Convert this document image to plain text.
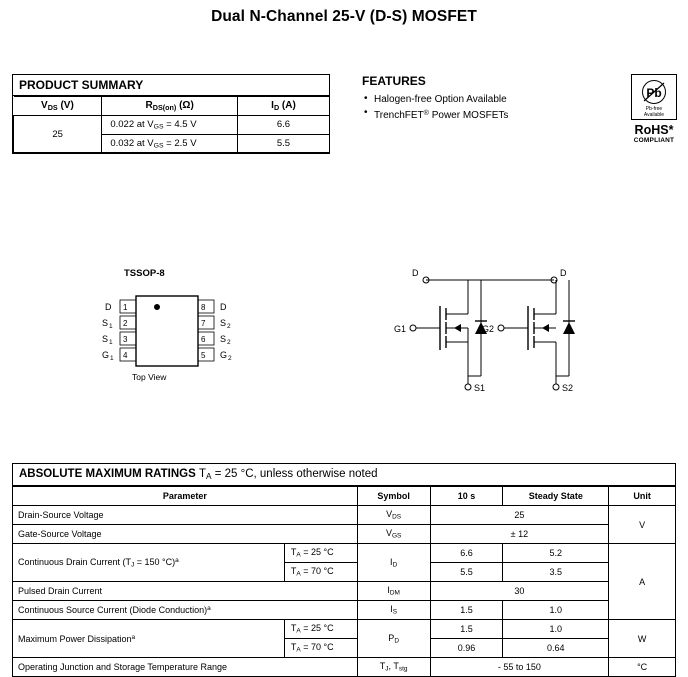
Dual N-Channel 25-V (D-S) MOSFET
PRODUCT SUMMARY
$V_{DS}$ (V)	$R_{DS(on)}$ (Ω)	$I_D$ (A)
25	0.022 at $V_{GS} = 4.5$ V	6.6
	0.032 at $V_{GS} = 2.5$ V	5.5
FEATURES
• Halogen-free Option Available
• TrenchFET® Power MOSFETs
Pb
Pb-free
Available
RoHS*
COMPLIANT
TSSOP-8
Top View
1
2
3
4
8
7
6
5
D
S 1
S 1
G 1
D
S 2
S 2
G 2
D	D
G1
S1
G2
S2
ABSOLUTE MAXIMUM RATINGS $T_A = 25$ °C, unless otherwise noted
Parameter		Symbol	10 s	Steady State	Unit
Drain-Source Voltage		$V_{DS}$	25		V
Gate-Source Voltage		$V_{GS}$	± 12		
Continuous Drain Current ($T_J = 150$ °C)$^a$	$T_A = 25$ °C	$I_D$	6.6	5.2	A
	$T_A = 70$ °C		5.5	3.5	
Pulsed Drain Current		$I_{DM}$	30		
Continuous Source Current (Diode Conduction)$^a$		$I_S$	1.5	1.0	
Maximum Power Dissipation$^a$	$T_A = 25$ °C	$P_D$	1.5	1.0	W
	$T_A = 70$ °C		0.96	0.64	
Operating Junction and Storage Temperature Range		$T_J$, $T_{stg}$	- 55 to 150		°C
